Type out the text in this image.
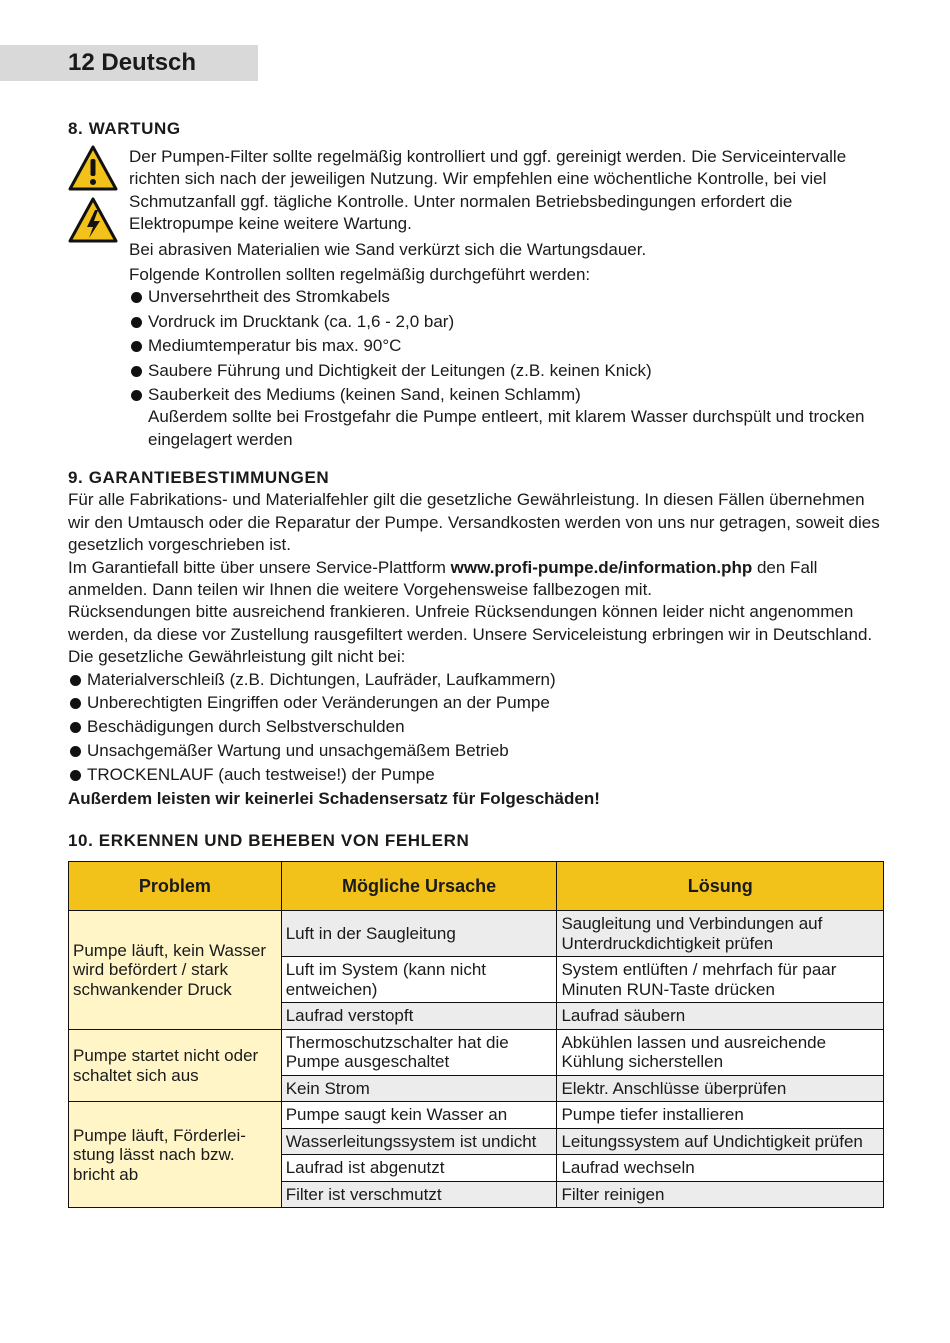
12 Deutsch
8. WARTUNG

Der Pumpen-Filter sollte regelmäßig kontrolliert und ggf. gereinigt werden. Die Serviceintervalle richten sich nach der jeweiligen Nutzung. Wir empfehlen eine wöchentliche Kontrolle, bei viel Schmutzanfall ggf. tägliche Kontrolle. Unter normalen Betriebsbedingungen erfordert die Elektropumpe keine weitere Wartung.

Bei abrasiven Materialien wie Sand verkürzt sich die Wartungsdauer.

Folgende Kontrollen sollten regelmäßig durchgeführt werden:

Unversehrtheit des Stromkabels
Vordruck im Drucktank (ca. 1,6 - 2,0 bar)
Mediumtemperatur bis max. 90°C
Saubere Führung und Dichtigkeit der Leitungen (z.B. keinen Knick)
Sauberkeit des Mediums (keinen Sand, keinen Schlamm)
Außerdem sollte bei Frostgefahr die Pumpe entleert, mit klarem Wasser durchspült und trocken eingelagert werden
9. GARANTIEBESTIMMUNGEN

Für alle Fabrikations- und Materialfehler gilt die gesetzliche Gewährleistung. In diesen Fällen übernehmen wir den Umtausch oder die Reparatur der Pumpe. Versandkosten werden von uns nur getragen, soweit dies gesetzlich vorgeschrieben ist.

Im Garantiefall bitte über unsere Service-Plattform www.profi-pumpe.de/information.php den Fall anmelden. Dann teilen wir Ihnen die weitere Vorgehensweise fallbezogen mit.

Rücksendungen bitte ausreichend frankieren. Unfreie Rücksendungen können leider nicht angenommen werden, da diese vor Zustellung rausgefiltert werden. Unsere Serviceleistung erbringen wir in Deutschland.

Die gesetzliche Gewährleistung gilt nicht bei:

Materialverschleiß (z.B. Dichtungen, Laufräder, Laufkammern)
Unberechtigten Eingriffen oder Veränderungen an der Pumpe
Beschädigungen durch Selbstverschulden
Unsachgemäßer Wartung und unsachgemäßem Betrieb
TROCKENLAUF (auch testweise!) der Pumpe

Außerdem leisten wir keinerlei Schadensersatz für Folgeschäden!

10. ERKENNEN UND BEHEBEN VON FEHLERN
Problem	Mögliche Ursache	Lösung
Pumpe läuft, kein Wasser wird befördert / stark schwankender Druck	Luft in der Saugleitung	Saugleitung und Verbindungen auf Unterdruckdichtigkeit prüfen
	Luft im System (kann nicht entweichen)	System entlüften / mehrfach für paar Minuten RUN-Taste drücken
	Laufrad verstopft	Laufrad säubern
Pumpe startet nicht oder schaltet sich aus	Thermoschutzschalter hat die Pumpe ausgeschaltet	Abkühlen lassen und ausreichende Kühlung sicherstellen
	Kein Strom	Elektr. Anschlüsse überprüfen
Pumpe läuft, Förderlei-stung lässt nach bzw. bricht ab	Pumpe saugt kein Wasser an	Pumpe tiefer installieren
	Wasserleitungssystem ist undicht	Leitungssystem auf Undichtigkeit prüfen
	Laufrad ist abgenutzt	Laufrad wechseln
	Filter ist verschmutzt	Filter reinigen
